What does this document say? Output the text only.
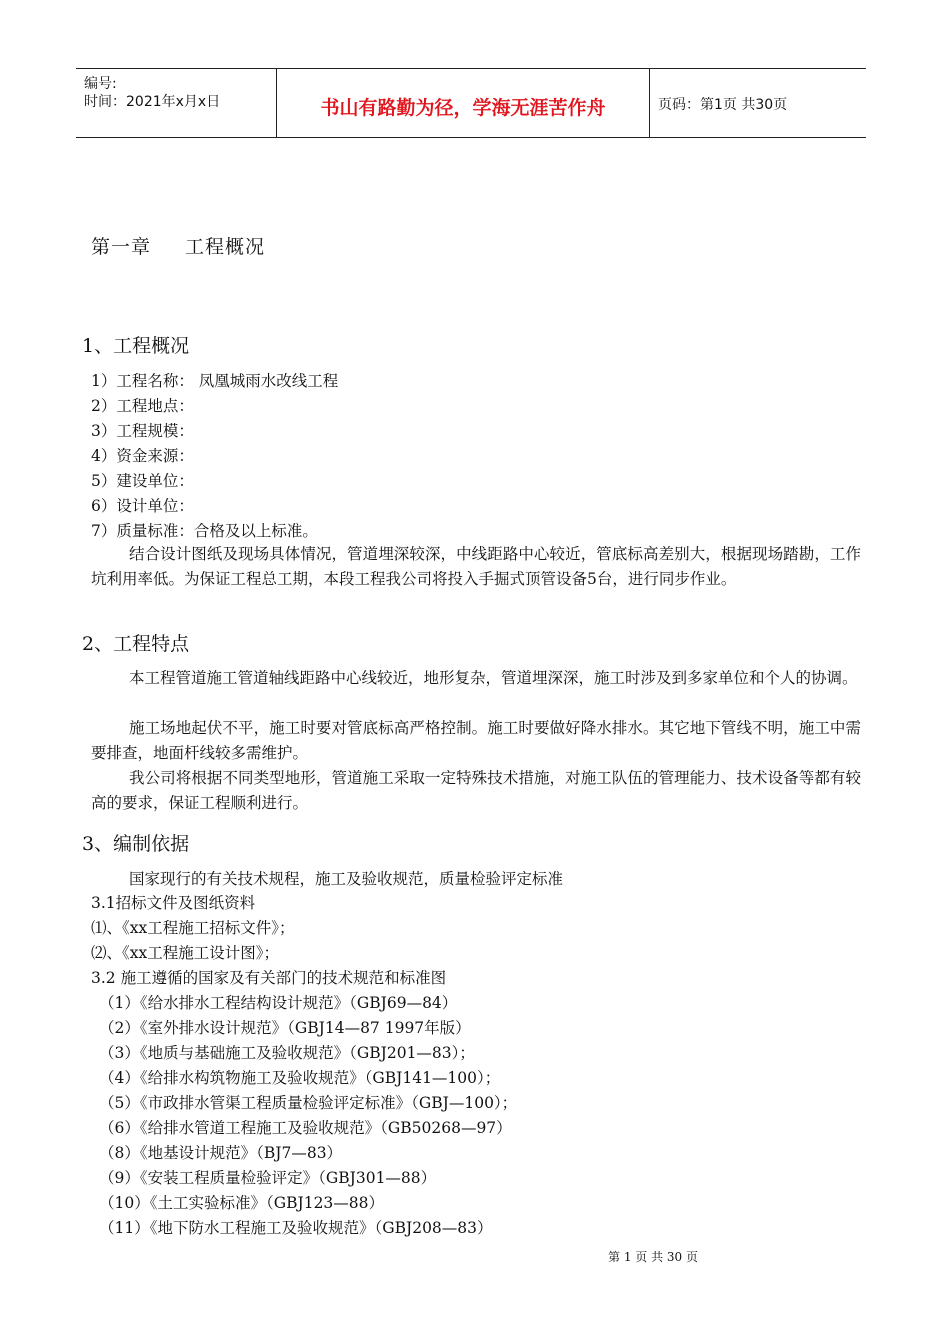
编号:
时间：2021年x月x日	书山有路勤为径，学海无涯苦作舟	页码：第1页 共30页
第一章 工程概况
1、工程概况
1）工程名称： 凤凰城雨水改线工程
2）工程地点：
3）工程规模：
4）资金来源：
5）建设单位：
6）设计单位：
7）质量标准：合格及以上标准。
结合设计图纸及现场具体情况，管道埋深较深，中线距路中心较近，管底标高差别大，根据现场踏勘，工作坑利用率低。为保证工程总工期，本段工程我公司将投入手掘式顶管设备5台，进行同步作业。
2、工程特点
本工程管道施工管道轴线距路中心线较近，地形复杂，管道埋深深，施工时涉及到多家单位和个人的协调。
施工场地起伏不平，施工时要对管底标高严格控制。施工时要做好降水排水。其它地下管线不明，施工中需要排查，地面杆线较多需维护。
我公司将根据不同类型地形，管道施工采取一定特殊技术措施，对施工队伍的管理能力、技术设备等都有较高的要求，保证工程顺利进行。
3、编制依据
国家现行的有关技术规程，施工及验收规范，质量检验评定标准
3.1招标文件及图纸资料
⑴、《xx工程施工招标文件》；
⑵、《xx工程施工设计图》；
3.2 施工遵循的国家及有关部门的技术规范和标准图
（1）《给水排水工程结构设计规范》（GBJ69—84）
（2）《室外排水设计规范》（GBJ14—87 1997年版）
（3）《地质与基础施工及验收规范》（GBJ201—83）；
（4）《给排水构筑物施工及验收规范》（GBJ141—100）；
（5）《市政排水管渠工程质量检验评定标准》（GBJ—100）；
（6）《给排水管道工程施工及验收规范》（GB50268—97）
（8）《地基设计规范》（BJ7—83）
（9）《安装工程质量检验评定》（GBJ301—88）
（10）《土工实验标准》（GBJ123—88）
（11）《地下防水工程施工及验收规范》（GBJ208—83）
第 1 页 共 30 页
